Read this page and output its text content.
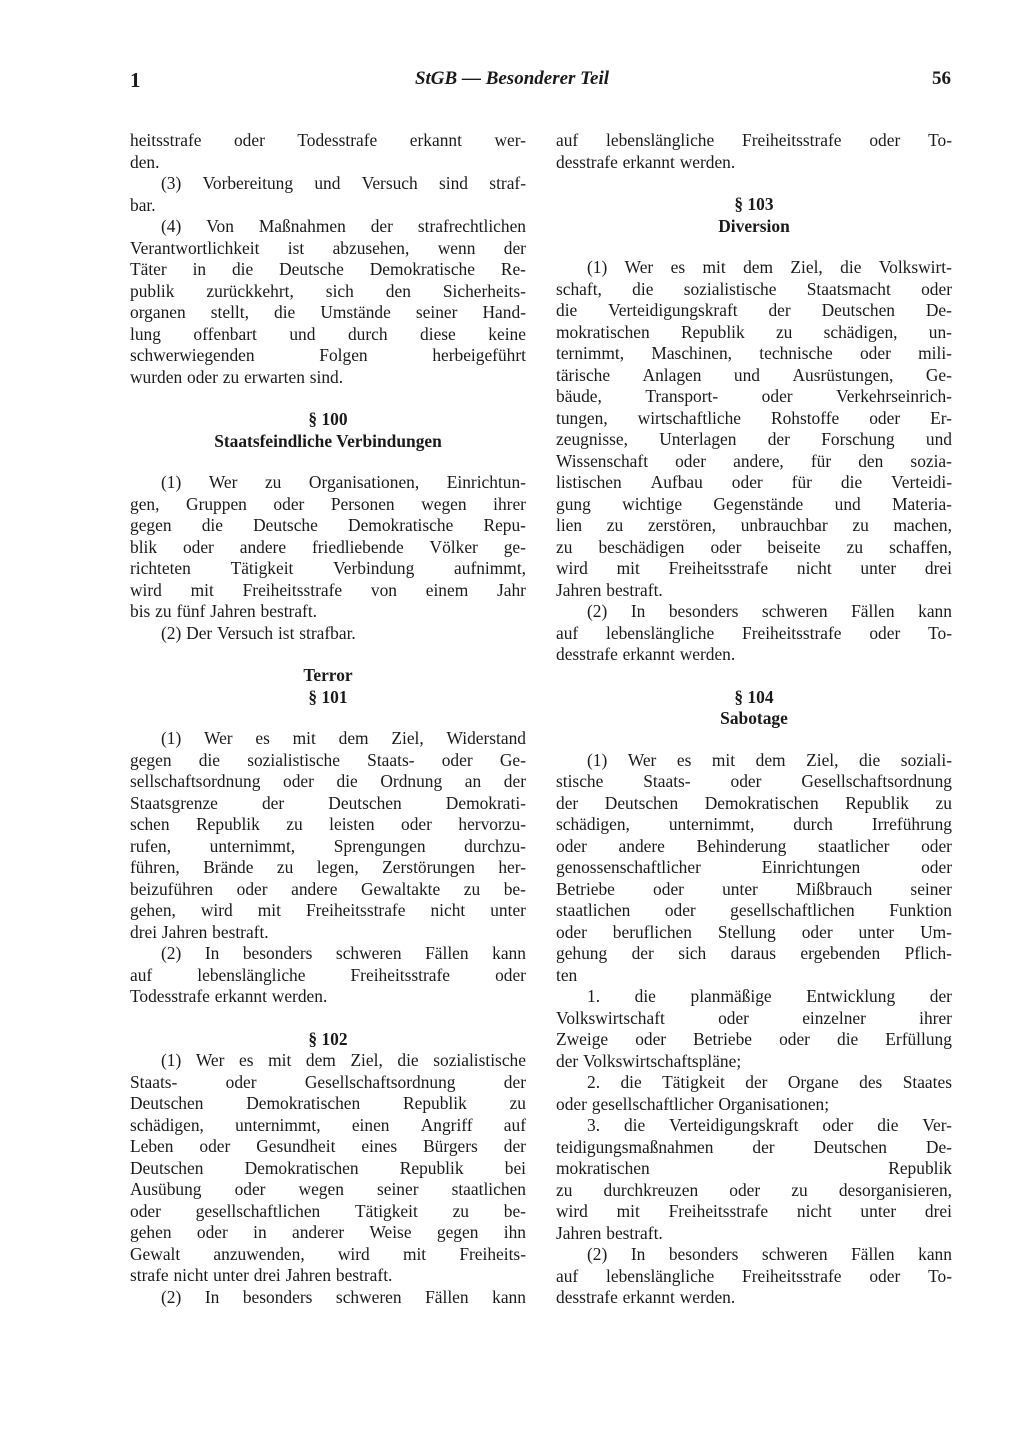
1	StGB — Besonderer Teil	56
heitsstrafe oder Todesstrafe erkannt wer-
den.
(3) Vorbereitung und Versuch sind straf-
bar.
(4) Von Maßnahmen der strafrechtlichen
Verantwortlichkeit ist abzusehen, wenn der
Täter in die Deutsche Demokratische Re-
publik zurückkehrt, sich den Sicherheits-
organen stellt, die Umstände seiner Hand-
lung offenbart und durch diese keine
schwerwiegenden	Folgen	herbeigeführt
wurden oder zu erwarten sind.
§ 100
Staatsfeindliche Verbindungen
(1) Wer zu Organisationen, Einrichtun-
gen, Gruppen oder Personen wegen ihrer
gegen die Deutsche Demokratische Repu-
blik oder andere friedliebende Völker ge-
richteten Tätigkeit Verbindung aufnimmt,
wird mit Freiheitsstrafe von einem Jahr
bis zu fünf Jahren bestraft.
(2) Der Versuch ist strafbar.
Terror
§ 101
(1) Wer es mit dem Ziel, Widerstand
gegen die sozialistische Staats- oder Ge-
sellschaftsordnung oder die Ordnung an der
Staatsgrenze	der	Deutschen	Demokrati-
schen Republik zu leisten oder hervorzu-
rufen, unternimmt, Sprengungen durchzu-
führen, Brände zu legen, Zerstörungen her-
beizuführen oder andere Gewaltakte zu be-
gehen, wird mit Freiheitsstrafe nicht unter
drei Jahren bestraft.
(2) In besonders schweren Fällen kann
auf	lebenslängliche	Freiheitsstrafe	oder
Todesstrafe erkannt werden.
§ 102
(1) Wer es mit dem Ziel, die sozialistische
Staats-	oder	Gesellschaftsordnung	der
Deutschen Demokratischen Republik zu
schädigen, unternimmt, einen Angriff auf
Leben oder Gesundheit eines Bürgers der
Deutschen Demokratischen Republik bei
Ausübung oder wegen seiner staatlichen
oder gesellschaftlichen Tätigkeit zu be-
gehen oder in anderer Weise gegen ihn
Gewalt anzuwenden, wird mit Freiheits-
strafe nicht unter drei Jahren bestraft.
(2) In besonders schweren Fällen kann
auf lebenslängliche Freiheitsstrafe oder To-
desstrafe erkannt werden.
§ 103
Diversion
(1) Wer es mit dem Ziel, die Volkswirt-
schaft, die sozialistische Staatsmacht oder
die Verteidigungskraft der Deutschen De-
mokratischen Republik zu schädigen, un-
ternimmt, Maschinen, technische oder mili-
tärische Anlagen und Ausrüstungen, Ge-
bäude,	Transport-	oder	Verkehrseinrich-
tungen, wirtschaftliche Rohstoffe oder Er-
zeugnisse, Unterlagen der Forschung und
Wissenschaft oder andere, für den sozia-
listischen Aufbau oder für die Verteidi-
gung wichtige Gegenstände und Materia-
lien zu zerstören, unbrauchbar zu machen,
zu beschädigen oder beiseite zu schaffen,
wird mit Freiheitsstrafe nicht unter drei
Jahren bestraft.
(2) In besonders schweren Fällen kann
auf lebenslängliche Freiheitsstrafe oder To-
desstrafe erkannt werden.
§ 104
Sabotage
(1) Wer es mit dem Ziel, die soziali-
stische Staats- oder Gesellschaftsordnung
der Deutschen Demokratischen Republik zu
schädigen, unternimmt, durch Irreführung
oder andere Behinderung staatlicher oder
genossenschaftlicher	Einrichtungen	oder
Betriebe oder unter Mißbrauch seiner
staatlichen oder gesellschaftlichen Funktion
oder beruflichen Stellung oder unter Um-
gehung der sich daraus ergebenden Pflich-
ten
1. die planmäßige Entwicklung der
Volkswirtschaft	oder	einzelner	ihrer
Zweige oder Betriebe oder die Erfüllung
der Volkswirtschaftspläne;
2. die Tätigkeit der Organe des Staates
oder gesellschaftlicher Organisationen;
3. die Verteidigungskraft oder die Ver-
teidigungsmaßnahmen der Deutschen De-
mokratischen	Republik
zu durchkreuzen oder zu desorganisieren,
wird mit Freiheitsstrafe nicht unter drei
Jahren bestraft.
(2) In besonders schweren Fällen kann
auf lebenslängliche Freiheitsstrafe oder To-
desstrafe erkannt werden.
